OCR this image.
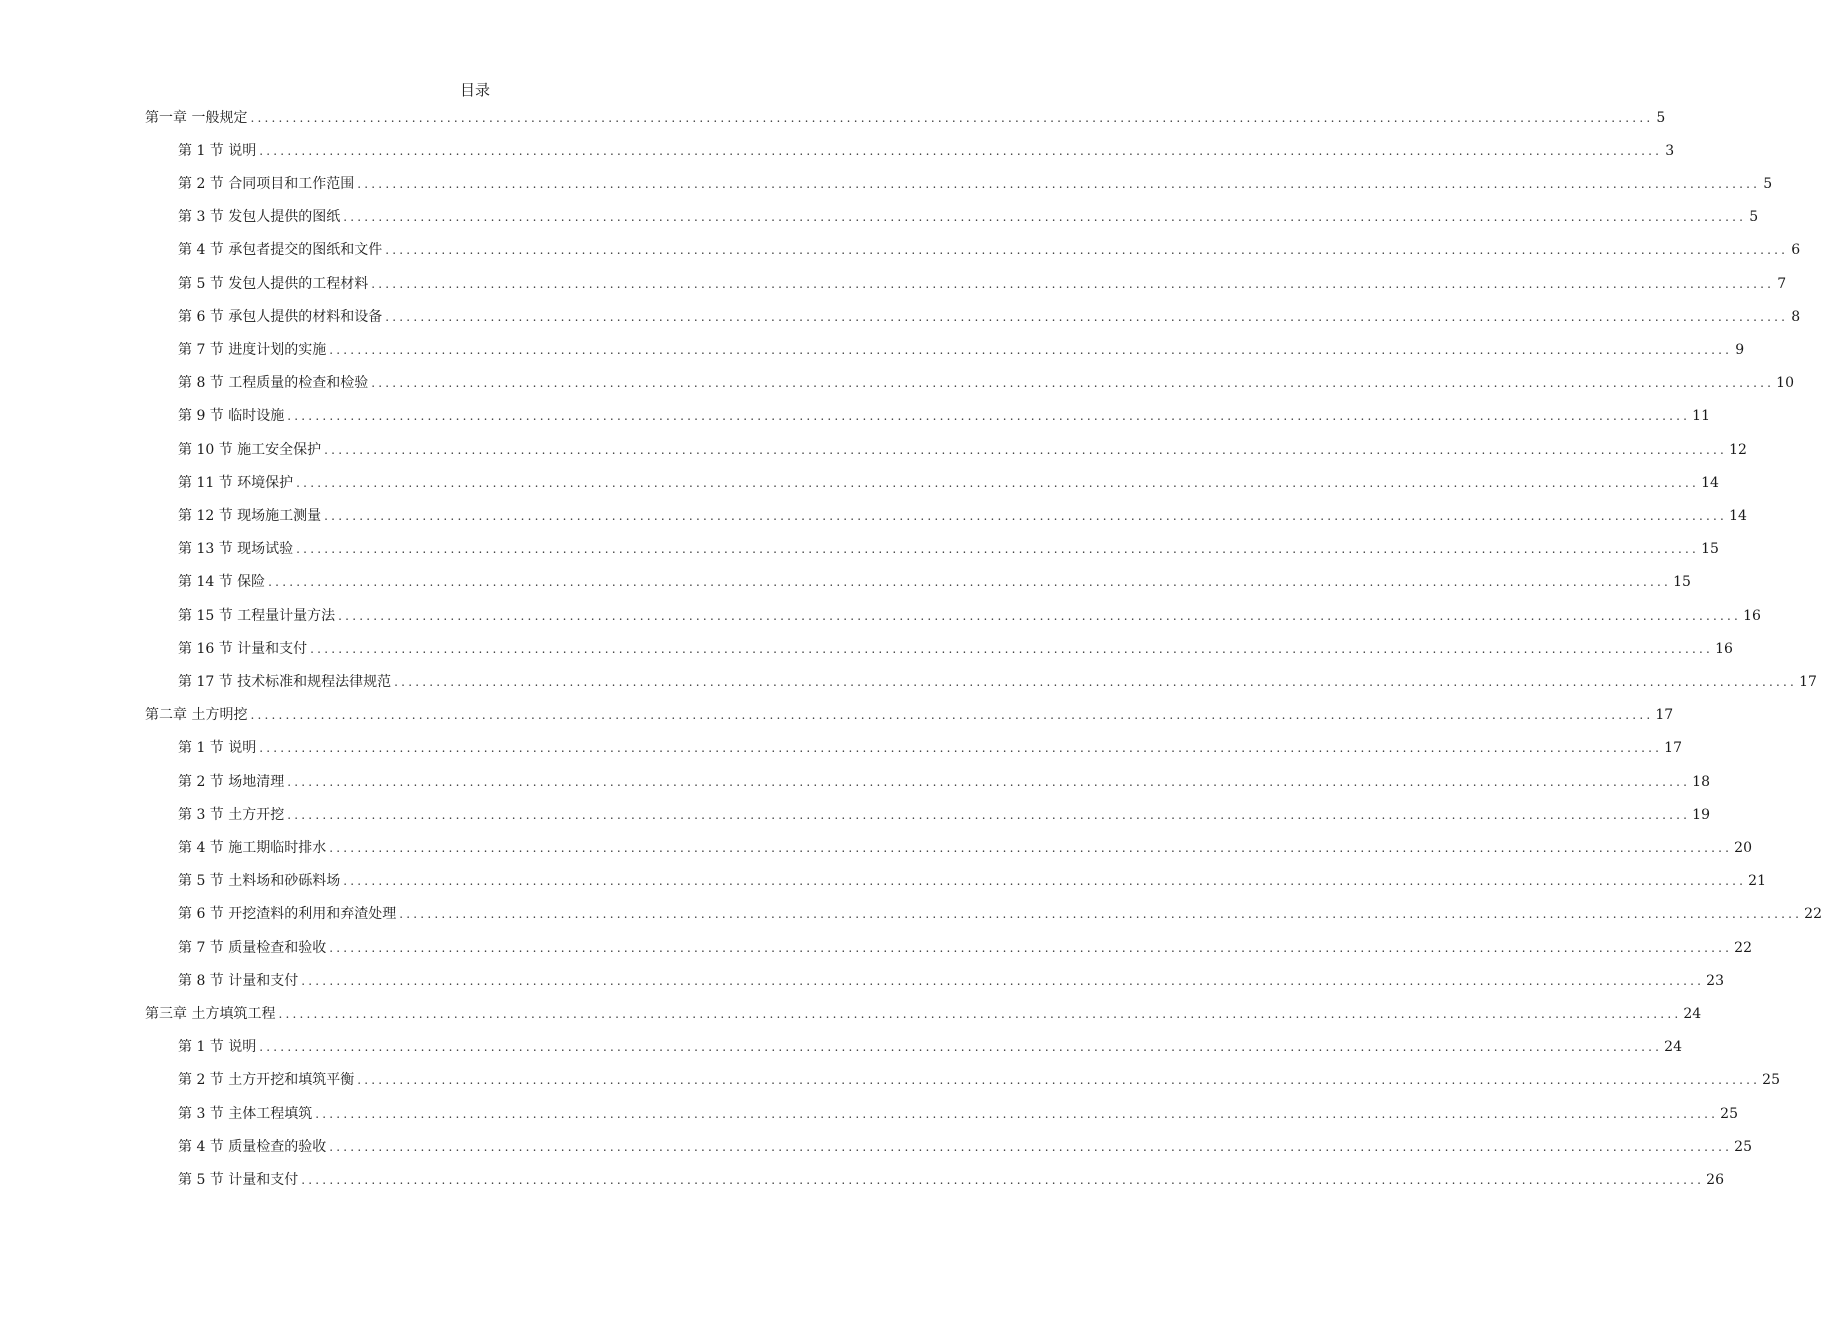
目录
第一章 一般规定 ........................................................................................................................................................................................................ 5
第 1 节 说明 ........................................................................................................................................................................................................ 3
第 2 节 合同项目和工作范围 ........................................................................................................................................................................................................ 5
第 3 节 发包人提供的图纸 ........................................................................................................................................................................................................ 5
第 4 节 承包者提交的图纸和文件 ........................................................................................................................................................................................................ 6
第 5 节 发包人提供的工程材料 ........................................................................................................................................................................................................ 7
第 6 节 承包人提供的材料和设备 ........................................................................................................................................................................................................ 8
第 7 节 进度计划的实施 ........................................................................................................................................................................................................ 9
第 8 节 工程质量的检查和检验 ........................................................................................................................................................................................................ 10
第 9 节 临时设施 ........................................................................................................................................................................................................ 11
第 10 节 施工安全保护 ........................................................................................................................................................................................................ 12
第 11 节 环境保护 ........................................................................................................................................................................................................ 14
第 12 节 现场施工测量 ........................................................................................................................................................................................................ 14
第 13 节 现场试验 ........................................................................................................................................................................................................ 15
第 14 节 保险 ........................................................................................................................................................................................................ 15
第 15 节 工程量计量方法 ........................................................................................................................................................................................................ 16
第 16 节 计量和支付 ........................................................................................................................................................................................................ 16
第 17 节 技术标准和规程法律规范 ........................................................................................................................................................................................................ 17
第二章 土方明挖 ........................................................................................................................................................................................................ 17
第 1 节 说明 ........................................................................................................................................................................................................ 17
第 2 节 场地清理 ........................................................................................................................................................................................................ 18
第 3 节 土方开挖 ........................................................................................................................................................................................................ 19
第 4 节 施工期临时排水 ........................................................................................................................................................................................................ 20
第 5 节 土料场和砂砾料场 ........................................................................................................................................................................................................ 21
第 6 节 开挖渣料的利用和弃渣处理 ........................................................................................................................................................................................................ 22
第 7 节 质量检查和验收 ........................................................................................................................................................................................................ 22
第 8 节 计量和支付 ........................................................................................................................................................................................................ 23
第三章 土方填筑工程 ........................................................................................................................................................................................................ 24
第 1 节 说明 ........................................................................................................................................................................................................ 24
第 2 节 土方开挖和填筑平衡 ........................................................................................................................................................................................................ 25
第 3 节 主体工程填筑 ........................................................................................................................................................................................................ 25
第 4 节 质量检查的验收 ........................................................................................................................................................................................................ 25
第 5 节 计量和支付 ........................................................................................................................................................................................................ 26
